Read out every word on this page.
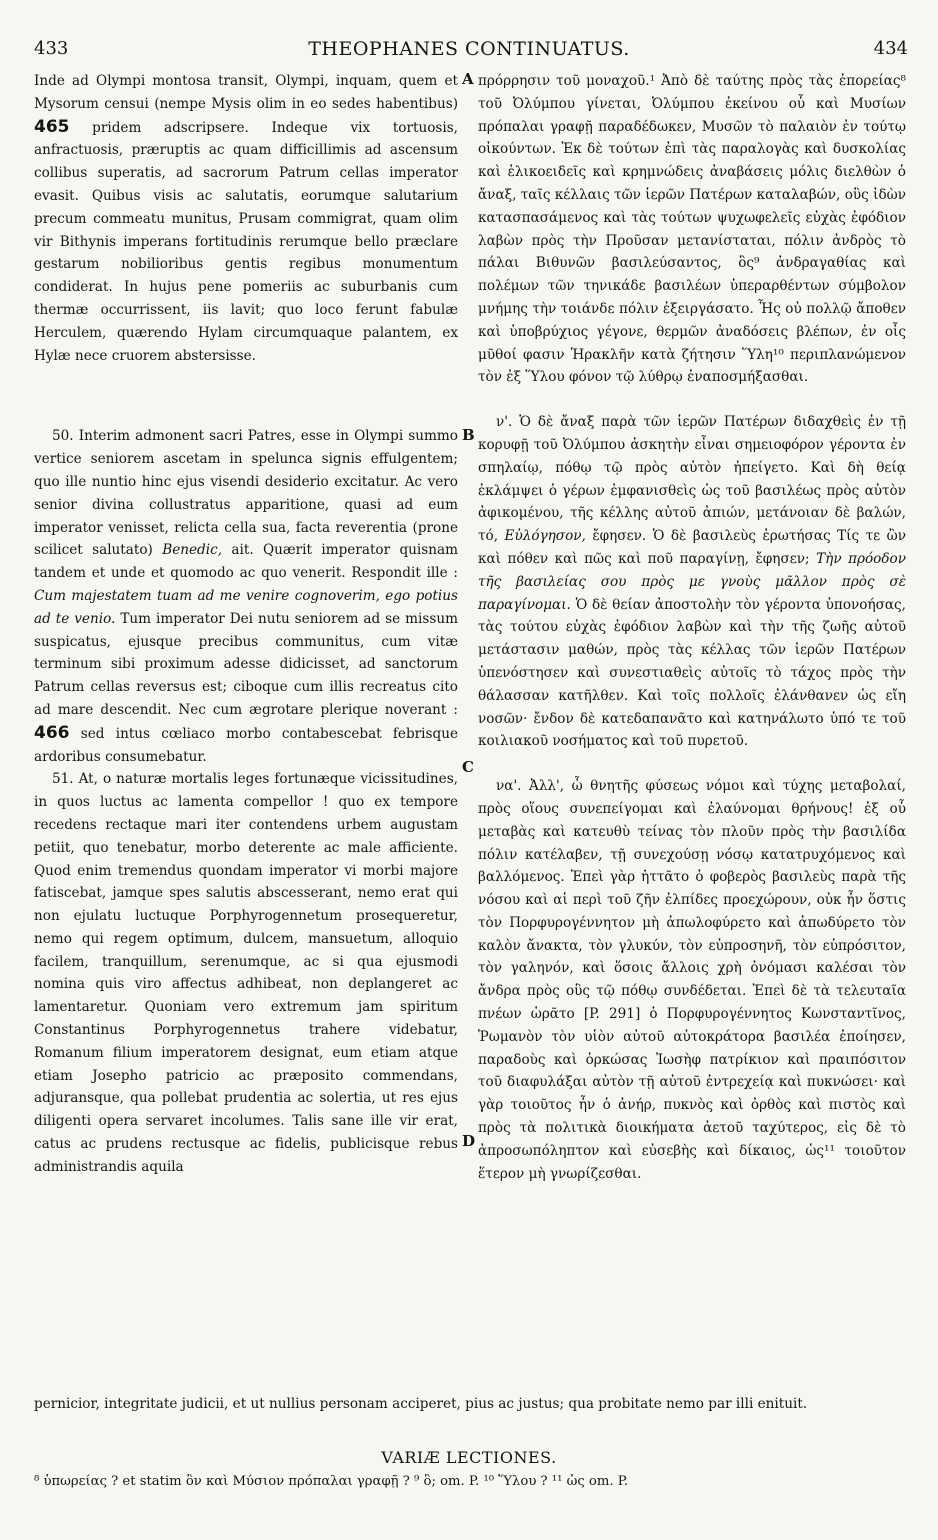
433	THEOPHANES CONTINUATUS.	434

Inde ad Olympi montosa transit, Olympi, inquam, quem et Mysorum censui (nempe Mysis olim in eo sedes habentibus) 465 pridem adscripsere. Indeque vix tortuosis, anfractuosis, præruptis ac quam difficillimis ad ascensum collibus superatis, ad sacrorum Patrum cellas imperator evasit. Quibus visis ac salutatis, eorumque salutarium precum commeatu munitus, Prusam commigrat, quam olim vir Bithynis imperans fortitudinis rerumque bello præclare gestarum nobilioribus gentis regibus monumentum condiderat. In hujus pene pomeriis ac suburbanis cum thermæ occurrissent, iis lavit; quo loco ferunt fabulæ Herculem, quærendo Hylam circumquaque palantem, ex Hylæ nece cruorem abstersisse.

50. Interim admonent sacri Patres, esse in Olympi summo vertice seniorem ascetam in speluncа signis effulgentem; quo ille nuntio hinc ejus visendi desiderio excitatur. Ac vero senior divina collustratus apparitione, quasi ad eum imperator venisset, relicta cella sua, facta reverentia (prone scilicet salutato) Benedic, ait. Quærit imperator quisnam tandem et unde et quomodo ac quo venerit. Respondit ille : Cum majestatem tuam ad me venire cognoverim, ego potius ad te venio. Tum imperator Dei nutu seniorem ad se missum suspicatus, ejusque precibus communitus, cum vitæ terminum sibi proximum adesse didicisset, ad sanctorum Patrum cellas reversus est; ciboque cum illis recreatus cito ad mare descendit. Nec cum ægrotare plerique noverant : 466 sed intus cœliaco morbo contabescebat febrisque ardoribus consumebatur.

51. At, o naturæ mortalis leges fortunæque vicissitudines, in quos luctus ac lamenta compellor ! quo ex tempore recedens rectaque mari iter contendens urbem augustam petiit, quo tenebatur, morbo deterente ac male afficiente. Quod enim tremendus quondam imperator vi morbi majore fatiscebat, jamque spes salutis abscesserant, nemo erat qui non ejulatu luctuque Porphyrogennetum prosequeretur, nemo qui regem optimum, dulcem, mansuetum, alloquio facilem, tranquillum, serenumque, ac si qua ejusmodi nomina quis viro affectus adhibeat, non deplangeret ac lamentaretur. Quoniam vero extremum jam spiritum Constantinus Porphyrogennetus trahere videbatur, Romanum filium imperatorem designat, eum etiam atque etiam Josepho patricio ac præposito commendans, adjuransque, qua pollebat prudentia ac solertia, ut res ejus diligenti opera servaret incolumes. Talis sane ille vir erat, catus ac prudens rectusque ac fidelis, publicisque rebus administrandis aquila

πρόρρησιν τοῦ μοναχοῦ.¹ Ἀπὸ δὲ ταύτης πρὸς τὰς ἐπορείας⁸ τοῦ Ὀλύμπου γίνεται, Ὀλύμπου ἐκείνου οὗ καὶ Μυσίων πρόπαλαι γραφῇ παραδέδωκεν, Μυσῶν τὸ παλαιὸν ἐν τούτῳ οἰκούντων. Ἐκ δὲ τούτων ἐπὶ τὰς παραλογὰς καὶ δυσκολίας καὶ ἑλικοειδεῖς καὶ κρημνώδεις ἀναβάσεις μόλις διελθὼν ὁ ἄναξ, ταῖς κέλλαις τῶν ἱερῶν Πατέρων καταλαβών, οὓς ἰδὼν κατασπασάμενος καὶ τὰς τούτων ψυχωφελεῖς εὐχὰς ἐφόδιον λαβὼν πρὸς τὴν Προῦσαν μετανίσταται, πόλιν ἀνδρὸς τὸ πάλαι Βιθυνῶν βασιλεύσαντος, ὃς⁹ ἀνδραγαθίας καὶ πολέμων τῶν τηνικάδε βασιλέων ὑπεραρθέντων σύμβολον μνήμης τὴν τοιάνδε πόλιν ἐξειργάσατο. Ἧς οὐ πολλῷ ἄποθεν καὶ ὑποβρύχιος γέγονε, θερμῶν ἀναδόσεις βλέπων, ἐν οἷς μῦθοί φασιν Ἡρακλῆν κατὰ ζήτησιν Ὕλη¹⁰ περιπλανώμενον τὸν ἐξ Ὕλου φόνον τῷ λύθρῳ ἐναποσμήξασθαι.

ν'. Ὁ δὲ ἄναξ παρὰ τῶν ἱερῶν Πατέρων διδαχθεὶς ἐν τῇ κορυφῇ τοῦ Ὀλύμπου ἀσκητὴν εἶναι σημειοφόρον γέροντα ἐν σπηλαίῳ, πόθῳ τῷ πρὸς αὐτὸν ἠπείγετο. Καὶ δὴ θείᾳ ἐκλάμψει ὁ γέρων ἐμφανισθεὶς ὡς τοῦ βασιλέως πρὸς αὐτὸν ἀφικομένου, τῆς κέλλης αὐτοῦ ἀπιών, μετάνοιαν δὲ βαλών, τό, Εὐλόγησον, ἔφησεν. Ὁ δὲ βασιλεὺς ἐρωτήσας Τίς τε ὢν καὶ πόθεν καὶ πῶς καὶ ποῦ παραγίνῃ, ἔφησεν; Τὴν πρόοδον τῆς βασιλείας σου πρὸς με γνοὺς μᾶλλον πρὸς σὲ παραγίνομαι. Ὁ δὲ θείαν ἀποστολὴν τὸν γέροντα ὑπονοήσας, τὰς τούτου εὐχὰς ἐφόδιον λαβὼν καὶ τὴν τῆς ζωῆς αὐτοῦ μετάστασιν μαθών, πρὸς τὰς κέλλας τῶν ἱερῶν Πατέρων ὑπενόστησεν καὶ συνεστιαθεὶς αὐτοῖς τὸ τάχος πρὸς τὴν θάλασσαν κατῆλθεν. Καὶ τοῖς πολλοῖς ἐλάνθανεν ὡς εἴη νοσῶν· ἔνδον δὲ κατεδαπανᾶτο καὶ κατηνάλωτο ὑπό τε τοῦ κοιλιακοῦ νοσήματος καὶ τοῦ πυρετοῦ.

να'. Ἀλλ', ὦ θνητῆς φύσεως νόμοι καὶ τύχης μεταβολαί, πρὸς οἵους συνεπείγομαι καὶ ἐλαύνομαι θρήνους! ἐξ οὗ μεταβὰς καὶ κατευθὺ τείνας τὸν πλοῦν πρὸς τὴν βασιλίδα πόλιν κατέλαβεν, τῇ συνεχούσῃ νόσῳ κατατρυχόμενος καὶ βαλλόμενος. Ἐπεὶ γὰρ ἡττᾶτο ὁ φοβερὸς βασιλεὺς παρὰ τῆς νόσου καὶ αἱ περὶ τοῦ ζῆν ἐλπίδες προεχώρουν, οὐκ ἦν ὅστις τὸν Πορφυρογέννητον μὴ ἀπωλοφύρετο καὶ ἀπωδύρετο τὸν καλὸν ἄνακτα, τὸν γλυκύν, τὸν εὐπροσηνῆ, τὸν εὐπρόσιτον, τὸν γαληνόν, καὶ ὅσοις ἄλλοις χρὴ ὀνόμασι καλέσαι τὸν ἄνδρα πρὸς οὓς τῷ πόθῳ συνδέδεται. Ἐπεὶ δὲ τὰ τελευταῖα πνέων ὡρᾶτο [P. 291] ὁ Πορφυρογέννητος Κωνσταντῖνος, Ῥωμανὸν τὸν υἱὸν αὐτοῦ αὐτοκράτορα βασιλέα ἐποίησεν, παραδοὺς καὶ ὁρκώσας Ἰωσὴφ πατρίκιον καὶ πραιπόσιτον τοῦ διαφυλάξαι αὐτὸν τῇ αὐτοῦ ἐντρεχείᾳ καὶ πυκνώσει· καὶ γὰρ τοιοῦτος ἦν ὁ ἀνήρ, πυκνὸς καὶ ὀρθὸς καὶ πιστὸς καὶ πρὸς τὰ πολιτικὰ διοικήματα ἀετοῦ ταχύτερος, εἰς δὲ τὸ ἀπροσωπόληπτον καὶ εὐσεβὴς καὶ δίκαιος, ὡς¹¹ τοιοῦτον ἕτερον μὴ γνωρίζεσθαι.

A
B
C
D
pernicior, integritate judicii, et ut nullius personam acciperet, pius ac justus; qua probitate nemo par illi enituit.
VARIÆ LECTIONES.
⁸ ὑπωρείας ? et statim ὂν καὶ Μύσιον πρόπαλαι γραφῇ ? ⁹ ὃ; om. P. ¹⁰ Ὕλου ? ¹¹ ὡς om. P.
